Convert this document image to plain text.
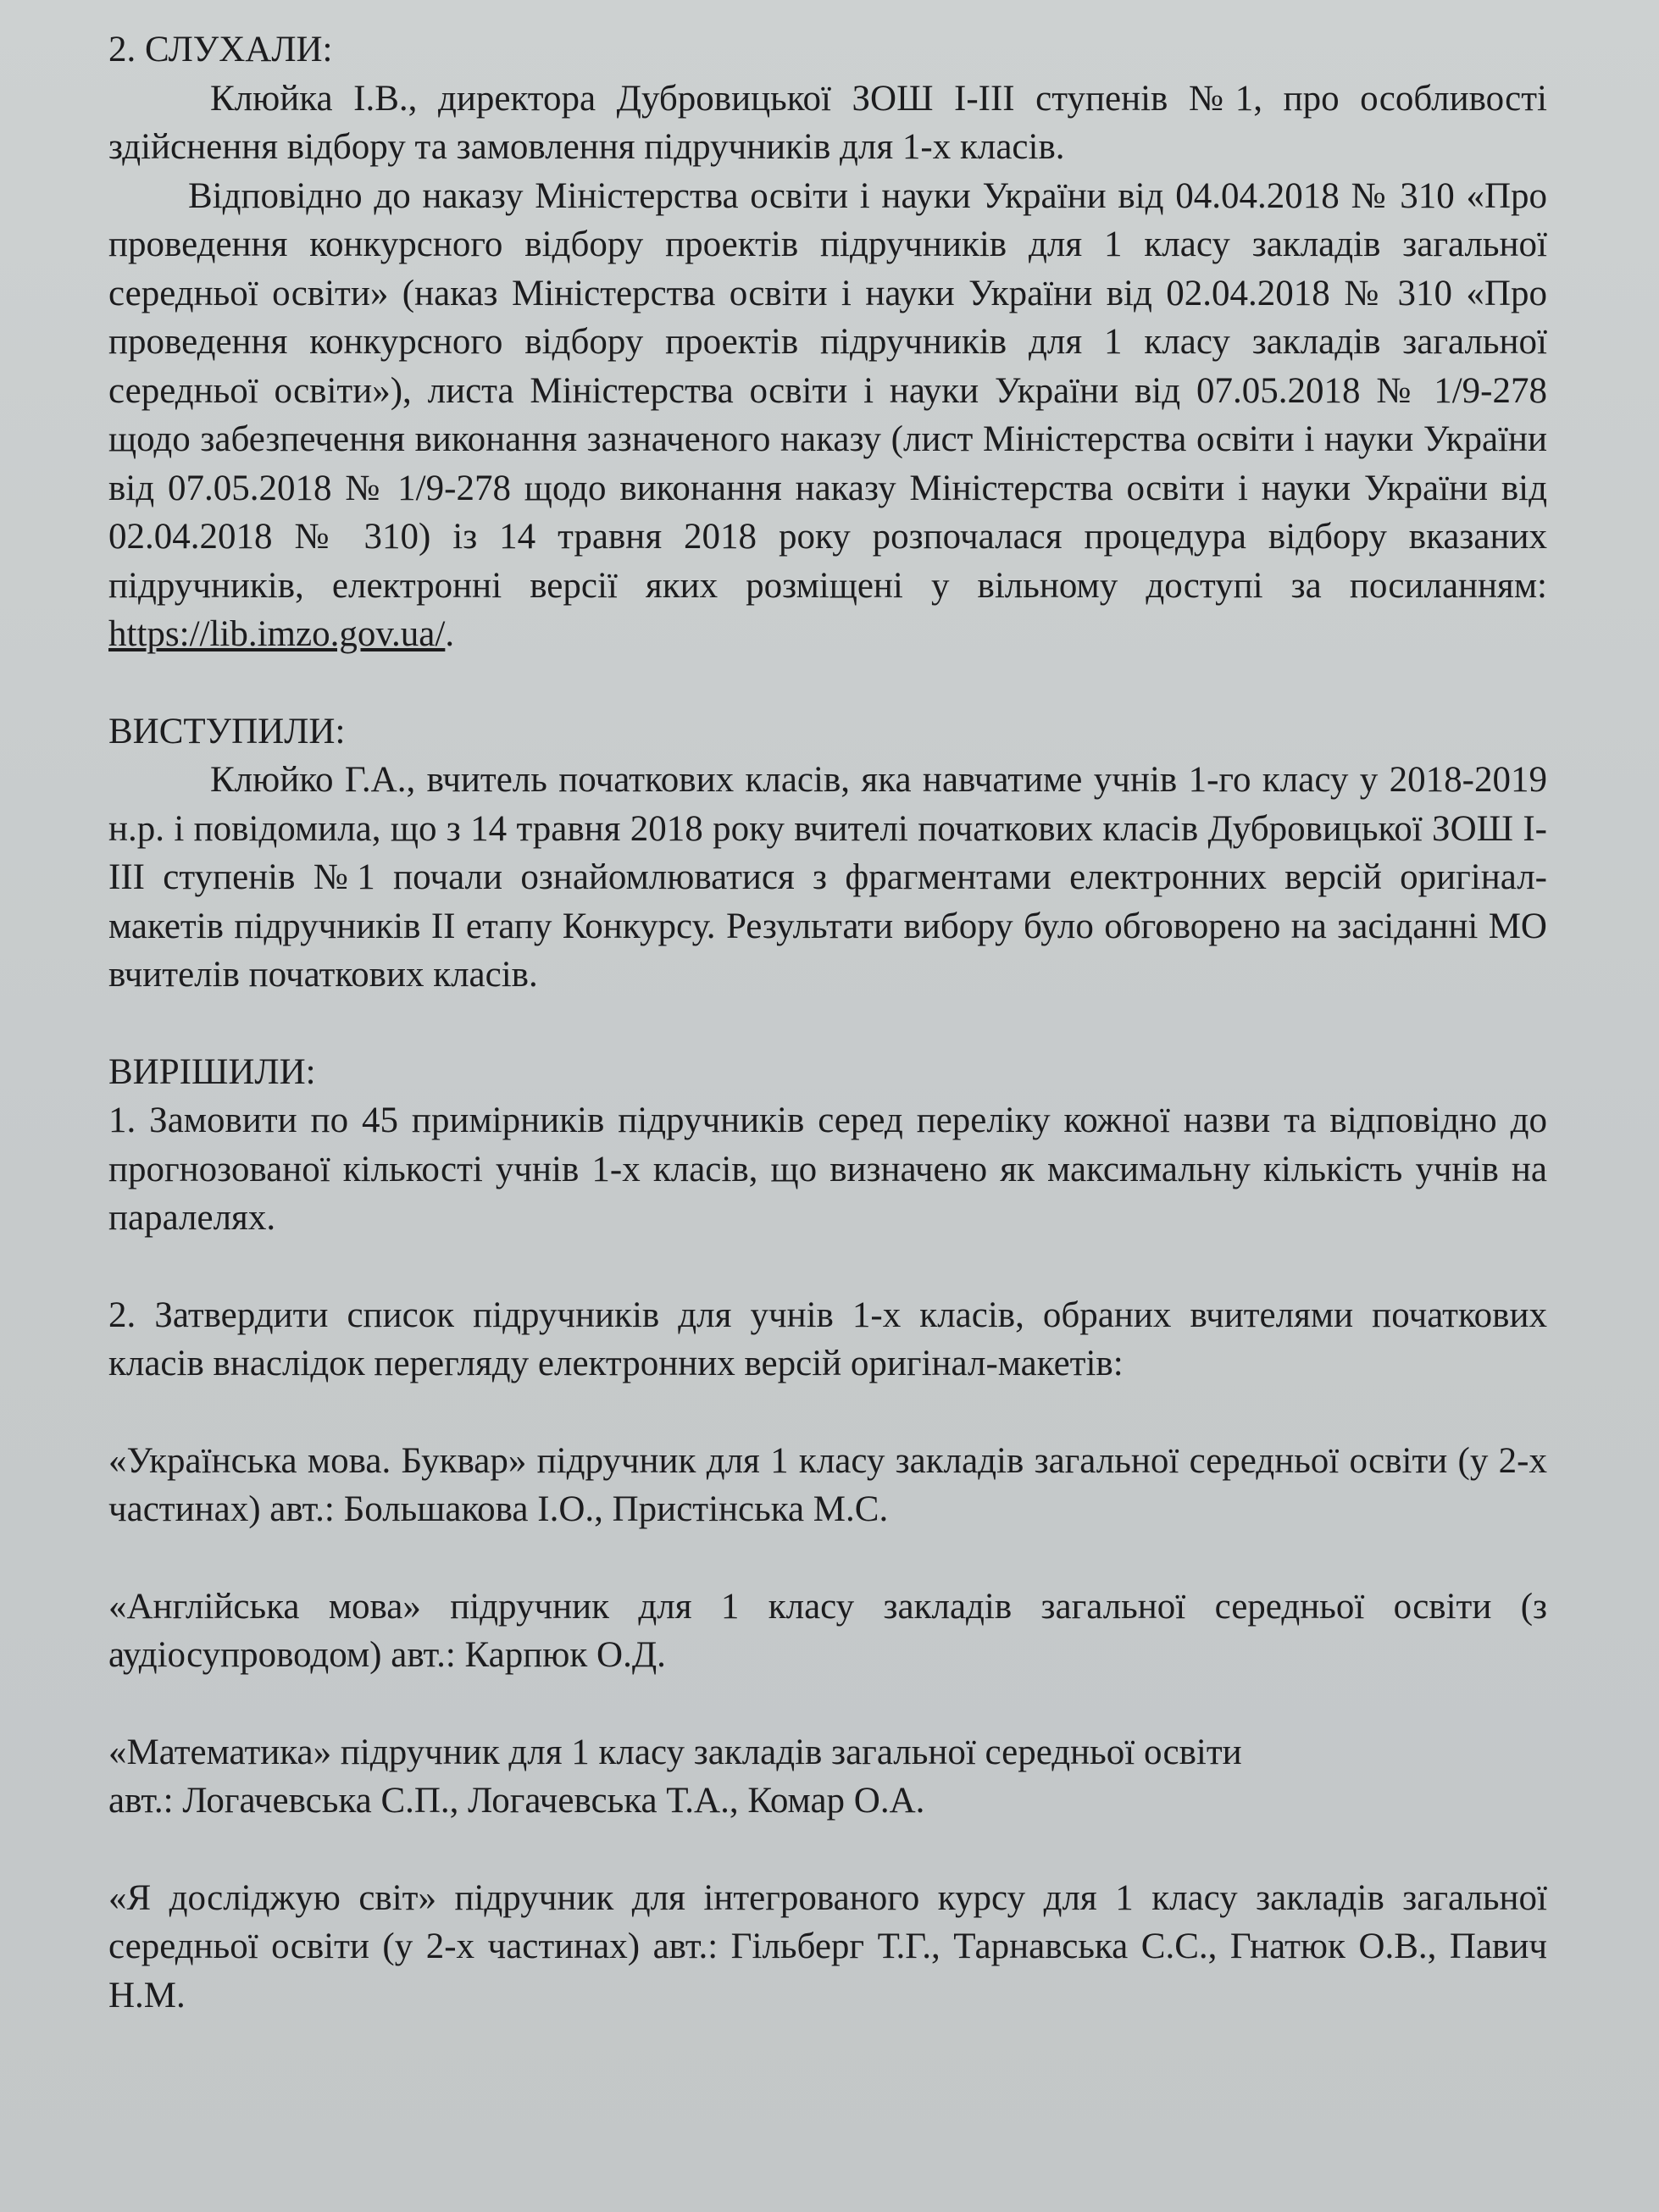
2. СЛУХАЛИ:

Клюйка І.В., директора Дубровицької ЗОШ І-ІІІ ступенів №1, про особливості здійснення відбору та замовлення підручників для 1-х класів.

Відповідно до наказу Міністерства освіти і науки України від 04.04.2018 № 310 «Про проведення конкурсного відбору проектів підручників для 1 класу закладів загальної середньої освіти» (наказ Міністерства освіти і науки України від 02.04.2018 № 310 «Про проведення конкурсного відбору проектів підручників для 1 класу закладів загальної середньої освіти»), листа Міністерства освіти і науки України від 07.05.2018 № 1/9-278 щодо забезпечення виконання зазначеного наказу (лист Міністерства освіти і науки України від 07.05.2018 № 1/9-278 щодо виконання наказу Міністерства освіти і науки України від 02.04.2018 № 310) із 14 травня 2018 року розпочалася процедура відбору вказаних підручників, електронні версії яких розміщені у вільному доступі за посиланням: https://lib.imzo.gov.ua/.

ВИСТУПИЛИ:

Клюйко Г.А., вчитель початкових класів, яка навчатиме учнів 1-го класу у 2018-2019 н.р. і повідомила, що з 14 травня 2018 року вчителі початкових класів Дубровицької ЗОШ І-ІІІ ступенів №1 почали ознайомлюватися з фрагментами електронних версій оригінал-макетів підручників ІІ етапу Конкурсу. Результати вибору було обговорено на засіданні МО вчителів початкових класів.

ВИРІШИЛИ:

1. Замовити по 45 примірників підручників серед переліку кожної назви та відповідно до прогнозованої кількості учнів 1-х класів, що визначено як максимальну кількість учнів на паралелях.

2. Затвердити список підручників для учнів 1-х класів, обраних вчителями початкових класів внаслідок перегляду електронних версій оригінал-макетів:

«Українська мова. Буквар» підручник для 1 класу закладів загальної середньої освіти (у 2-х частинах) авт.: Большакова І.О., Пристінська М.С.

«Англійська мова» підручник для 1 класу закладів загальної середньої освіти (з аудіосупроводом) авт.: Карпюк О.Д.

«Математика» підручник для 1 класу закладів загальної середньої освіти

авт.: Логачевська С.П., Логачевська Т.А., Комар О.А.

«Я досліджую світ» підручник для інтегрованого курсу для 1 класу закладів загальної середньої освіти (у 2-х частинах) авт.: Гільберг Т.Г., Тарнавська С.С., Гнатюк О.В., Павич Н.М.
